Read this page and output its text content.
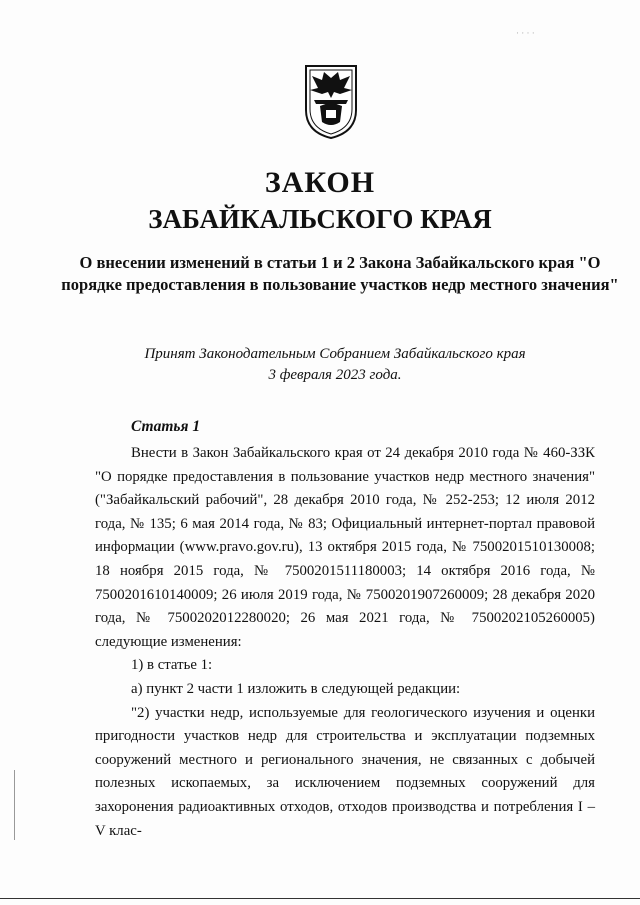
· · · ·
ЗАКОН
ЗАБАЙКАЛЬСКОГО КРАЯ
О внесении изменений в статьи 1 и 2 Закона Забайкальского края "О порядке предоставления в пользование участков недр местного значения"
Принят Законодательным Собранием Забайкальского края
3 февраля 2023 года.
Статья 1

Внести в Закон Забайкальского края от 24 декабря 2010 года № 460-ЗЗК "О порядке предоставления в пользование участков недр местного значения" ("Забайкальский рабочий", 28 декабря 2010 года, № 252-253; 12 июля 2012 года, № 135; 6 мая 2014 года, № 83; Официальный интернет-портал правовой информации (www.pravo.gov.ru), 13 октября 2015 года, № 7500201510130008; 18 ноября 2015 года, № 7500201511180003; 14 октября 2016 года, № 7500201610140009; 26 июля 2019 года, № 7500201907260009; 28 декабря 2020 года, № 7500202012280020; 26 мая 2021 года, № 7500202105260005) следующие изменения:

1) в статье 1:

а) пункт 2 части 1 изложить в следующей редакции:

"2) участки недр, используемые для геологического изучения и оценки пригодности участков недр для строительства и эксплуатации подземных сооружений местного и регионального значения, не связанных с добычей полезных ископаемых, за исключением подземных сооружений для захоронения радиоактивных отходов, отходов производства и потребления I – V клас-
